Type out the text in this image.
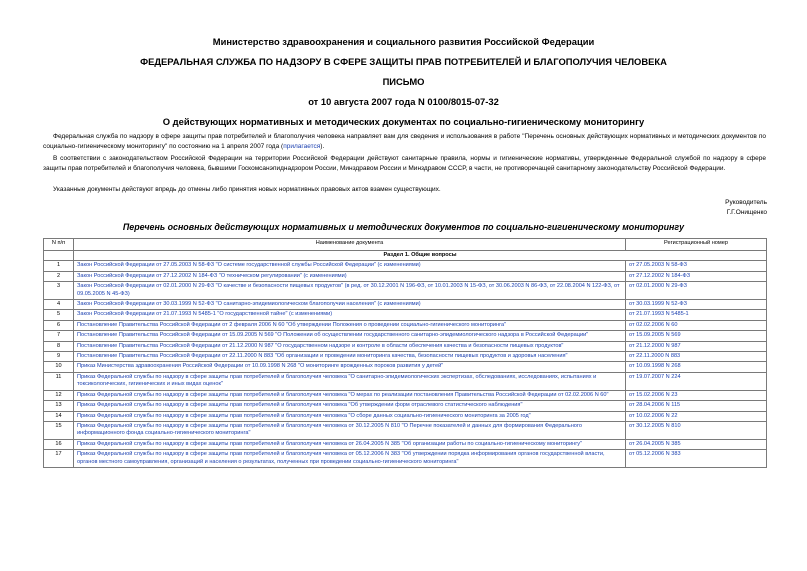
Министерство здравоохранения и социального развития Российской Федерации
ФЕДЕРАЛЬНАЯ СЛУЖБА ПО НАДЗОРУ В СФЕРЕ ЗАЩИТЫ ПРАВ ПОТРЕБИТЕЛЕЙ И БЛАГОПОЛУЧИЯ ЧЕЛОВЕКА
ПИСЬМО
от 10 августа 2007 года N 0100/8015-07-32
О действующих нормативных и методических документах по социально-гигиеническому мониторингу
Федеральная служба по надзору в сфере защиты прав потребителей и благополучия человека направляет вам для сведения и использования в работе "Перечень основных действующих нормативных и методических документов по социально-гигиеническому мониторингу" по состоянию на 1 апреля 2007 года (прилагается).
В соответствии с законодательством Российской Федерации на территории Российской Федерации действуют санитарные правила, нормы и гигиенические нормативы, утвержденные Федеральной службой по надзору в сфере защиты прав потребителей и благополучия человека, бывшими Госкомсанэпиднадзором России, Минздравом России и Минздравом СССР, в части, не противоречащей санитарному законодательству Российской Федерации.
Указанные документы действуют впредь до отмены либо принятия новых нормативных правовых актов взамен существующих.
Руководитель
Г.Г.Онищенко
Перечень основных действующих нормативных и методических документов по социально-гигиеническому мониторингу
N п/п	Наименование документа	Регистрационный номер
	Раздел 1. Общие вопросы	
1	Закон Российской Федерации от 27.05.2003 N 58-ФЗ "О системе государственной службы Российской Федерации" (с изменениями)	от 27.05.2003 N 58-ФЗ
2	Закон Российской Федерации от 27.12.2002 N 184-ФЗ "О техническом регулировании" (с изменениями)	от 27.12.2002 N 184-ФЗ
3	Закон Российской Федерации от 02.01.2000 N 29-ФЗ "О качестве и безопасности пищевых продуктов" (в ред. от 30.12.2001 N 196-ФЗ, от 10.01.2003 N 15-ФЗ, от 30.06.2003 N 86-ФЗ, от 22.08.2004 N 122-ФЗ, от 09.05.2005 N 45-ФЗ)	от 02.01.2000 N 29-ФЗ
4	Закон Российской Федерации от 30.03.1999 N 52-ФЗ "О санитарно-эпидемиологическом благополучии населения" (с изменениями)	от 30.03.1999 N 52-ФЗ
5	Закон Российской Федерации от 21.07.1993 N 5485-1 "О государственной тайне" (с изменениями)	от 21.07.1993 N 5485-1
6	Постановление Правительства Российской Федерации от 2 февраля 2006 N 60 "Об утверждении Положения о проведении социально-гигиенического мониторинга"	от 02.02.2006 N 60
7	Постановление Правительства Российской Федерации от 15.09.2005 N 569 "О Положении об осуществлении государственного санитарно-эпидемиологического надзора в Российской Федерации"	от 15.09.2005 N 569
8	Постановление Правительства Российской Федерации от 21.12.2000 N 987 "О государственном надзоре и контроле в области обеспечения качества и безопасности пищевых продуктов"	от 21.12.2000 N 987
9	Постановление Правительства Российской Федерации от 22.11.2000 N 883 "Об организации и проведении мониторинга качества, безопасности пищевых продуктов и здоровья населения"	от 22.11.2000 N 883
10	Приказ Министерства здравоохранения Российской Федерации от 10.09.1998 N 268 "О мониторинге врожденных пороков развития у детей"	от 10.09.1998 N 268
11	Приказ Федеральной службы по надзору в сфере защиты прав потребителей и благополучия человека "О санитарно-эпидемиологических экспертизах, обследованиях, исследованиях, испытаниях и токсикологических, гигиенических и иных видах оценок"	от 19.07.2007 N 224
12	Приказ Федеральной службы по надзору в сфере защиты прав потребителей и благополучия человека "О мерах по реализации постановления Правительства Российской Федерации от 02.02.2006 N 60"	от 15.02.2006 N 23
13	Приказ Федеральной службы по надзору в сфере защиты прав потребителей и благополучия человека "Об утверждении форм отраслевого статистического наблюдения"	от 28.04.2006 N 115
14	Приказ Федеральной службы по надзору в сфере защиты прав потребителей и благополучия человека "О сборе данных социально-гигиенического мониторинга за 2005 год"	от 10.02.2006 N 22
15	Приказ Федеральной службы по надзору в сфере защиты прав потребителей и благополучия человека от 30.12.2005 N 810 "О Перечне показателей и данных для формирования Федерального информационного фонда социально-гигиенического мониторинга"	от 30.12.2005 N 810
16	Приказ Федеральной службы по надзору в сфере защиты прав потребителей и благополучия человека от 26.04.2005 N 385 "Об организации работы по социально-гигиеническому мониторингу"	от 26.04.2005 N 385
17	Приказ Федеральной службы по надзору в сфере защиты прав потребителей и благополучия человека от 05.12.2006 N 383 "Об утверждении порядка информирования органов государственной власти, органов местного самоуправления, организаций и населения о результатах, полученных при проведении социально-гигиенического мониторинга"	от 05.12.2006 N 383
